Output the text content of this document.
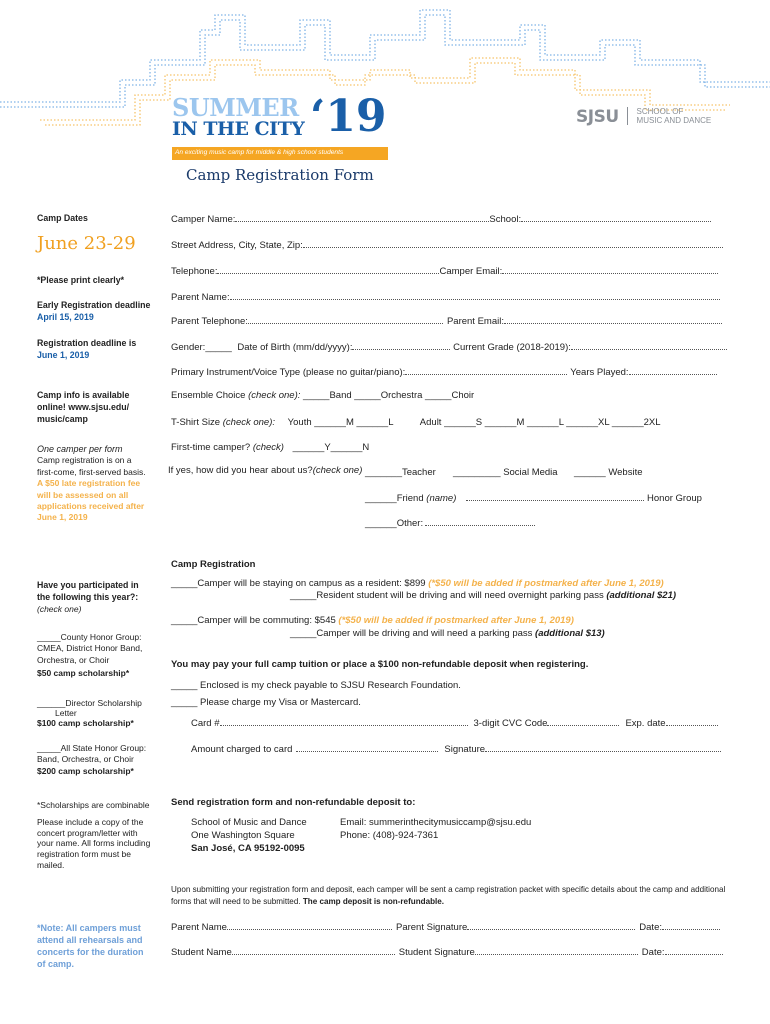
SUMMER
IN THE CITY ‘19
An exciting music camp for middle & high school students
SJSU SCHOOL OF
MUSIC AND DANCE
Camp Registration Form
Camp Dates
June 23-29
*Please print clearly*
Early Registration deadline
April 15, 2019
Registration deadline is
June 1, 2019
Camp info is available
online! www.sjsu.edu/
music/camp
One camper per form
Camp registration is on a
first-come, first-served basis.
A $50 late registration fee
will be assessed on all
applications received after
June 1, 2019
Have you participated in
the following this year?:
(check one)
_____County Honor Group:
CMEA, District Honor Band,
Orchestra, or Choir
$50 camp scholarship*
______Director Scholarship
Letter
$100 camp scholarship*
_____All State Honor Group:
Band, Orchestra, or Choir
$200 camp scholarship*
*Scholarships are combinable
Please include a copy of the
concert program/letter with
your name. All forms including
registration form must be
mailed.
*Note: All campers must
attend all rehearsals and
concerts for the duration
of camp.
Camper Name:	School:
Street Address, City, State, Zip:
Telephone:	Camper Email:
Parent Name:
Parent Telephone:	Parent Email:
Gender:_____ Date of Birth (mm/dd/yyyy):	Current Grade (2018-2019):
Primary Instrument/Voice Type (please no guitar/piano):	Years Played:
Ensemble Choice (check one): _____Band _____Orchestra _____Choir
T-Shirt Size (check one): Youth ______M ______L	Adult ______S ______M ______L ______XL ______2XL
First-time camper? (check) ______Y______N
If yes, how did you hear about us?(check one) _______Teacher _________ Social Media ______ Website
______Friend (name)	Honor Group
______Other:
Camp Registration
_____Camper will be staying on campus as a resident: $899 (*$50 will be added if postmarked after June 1, 2019)
_____Resident student will be driving and will need overnight parking pass (additional $21)
_____Camper will be commuting: $545 (*$50 will be added if postmarked after June 1, 2019)
_____Camper will be driving and will need a parking pass (additional $13)
You may pay your full camp tuition or place a $100 non-refundable deposit when registering.
_____ Enclosed is my check payable to SJSU Research Foundation.
_____ Please charge my Visa or Mastercard.
Card #	3-digit CVC Code	Exp. date
Amount charged to card	Signature
Send registration form and non-refundable deposit to:
School of Music and Dance
One Washington Square
San José, CA 95192-0095
Email: summerinthecitymusiccamp@sjsu.edu
Phone: (408)-924-7361
Upon submitting your registration form and deposit, each camper will be sent a camp registration packet with specific details about the camp and additional
forms that will need to be submitted. The camp deposit is non-refundable.
Parent Name	Parent Signature	Date:
Student Name	Student Signature	Date:
